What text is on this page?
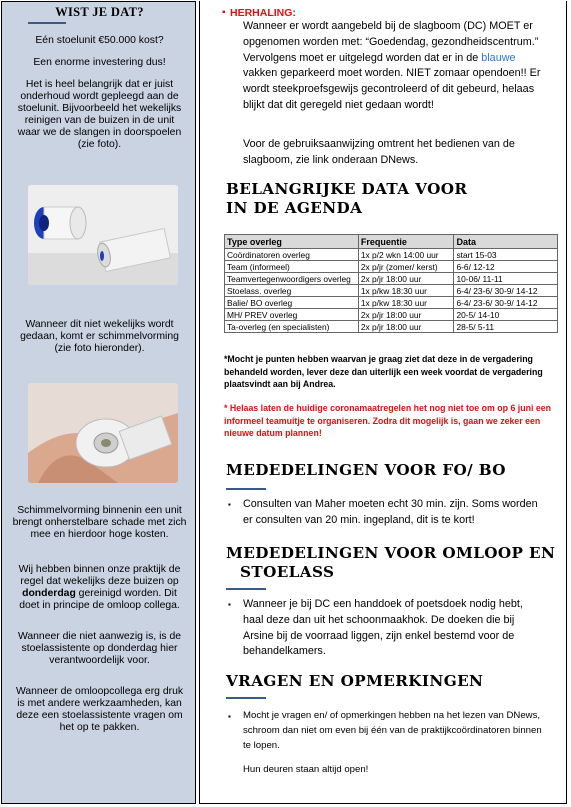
WIST JE DAT?
Eén stoelunit €50.000 kost?
Een enorme investering dus!
Het is heel belangrijk dat er juist onderhoud wordt gepleegd aan de stoelunit. Bijvoorbeeld het wekelijks reinigen van de buizen in de unit waar we de slangen in doorspoelen (zie foto).
Wanneer dit niet wekelijks wordt gedaan, komt er schimmelvorming (zie foto hieronder).
Schimmelvorming binnenin een unit brengt onherstelbare schade met zich mee en hierdoor hoge kosten.
Wij hebben binnen onze praktijk de regel dat wekelijks deze buizen op donderdag gereinigd worden. Dit doet in principe de omloop collega.
Wanneer die niet aanwezig is, is de stoelassistente op donderdag hier verantwoordelijk voor.
Wanneer de omloopcollega erg druk is met andere werkzaamheden, kan deze een stoelassistente vragen om het op te pakken.
▪ HERHALING:
Wanneer er wordt aangebeld bij de slagboom (DC) MOET er opgenomen worden met: “Goedendag, gezondheidscentrum.” Vervolgens moet er uitgelegd worden dat er in de blauwe vakken geparkeerd moet worden. NIET zomaar opendoen!! Er wordt steekproefsgewijs gecontroleerd of dit gebeurd, helaas blijkt dat dit geregeld niet gedaan wordt!
Voor de gebruiksaanwijzing omtrent het bedienen van de slagboom, zie link onderaan DNews.
BELANGRIJKE DATA VOOR
IN DE AGENDA
Type overleg	Frequentie	Data
Coördinatoren overleg	1x p/2 wkn 14:00 uur	start 15-03
Team (informeel)	2x p/jr (zomer/ kerst)	6-6/ 12-12
Teamvertegenwoordigers overleg	2x p/jr 18:00 uur	10-06/ 11-11
Stoelass. overleg	1x p/kw 18:30 uur	6-4/ 23-6/ 30-9/ 14-12
Balie/ BO overleg	1x p/kw 18:30 uur	6-4/ 23-6/ 30-9/ 14-12
MH/ PREV overleg	2x p/jr 18:00 uur	20-5/ 14-10
Ta-overleg (en specialisten)	2x p/jr 18:00 uur	28-5/ 5-11
*Mocht je punten hebben waarvan je graag ziet dat deze in de vergadering behandeld worden, lever deze dan uiterlijk een week voordat de vergadering plaatsvindt aan bij Andrea.
* Helaas laten de huidige coronamaatregelen het nog niet toe om op 6 juni een informeel teamuitje te organiseren. Zodra dit mogelijk is, gaan we zeker een nieuwe datum plannen!
MEDEDELINGEN VOOR FO/ BO
▪ Consulten van Maher moeten echt 30 min. zijn. Soms worden er consulten van 20 min. ingepland, dit is te kort!
MEDEDELINGEN VOOR OMLOOP EN
STOELASS
▪ Wanneer je bij DC een handdoek of poetsdoek nodig hebt, haal deze dan uit het schoonmaakhok. De doeken die bij Arsine bij de voorraad liggen, zijn enkel bestemd voor de behandelkamers.
VRAGEN EN OPMERKINGEN
▪ Mocht je vragen en/ of opmerkingen hebben na het lezen van DNews, schroom dan niet om even bij één van de praktijkcoördinatoren binnen te lopen.
Hun deuren staan altijd open!
